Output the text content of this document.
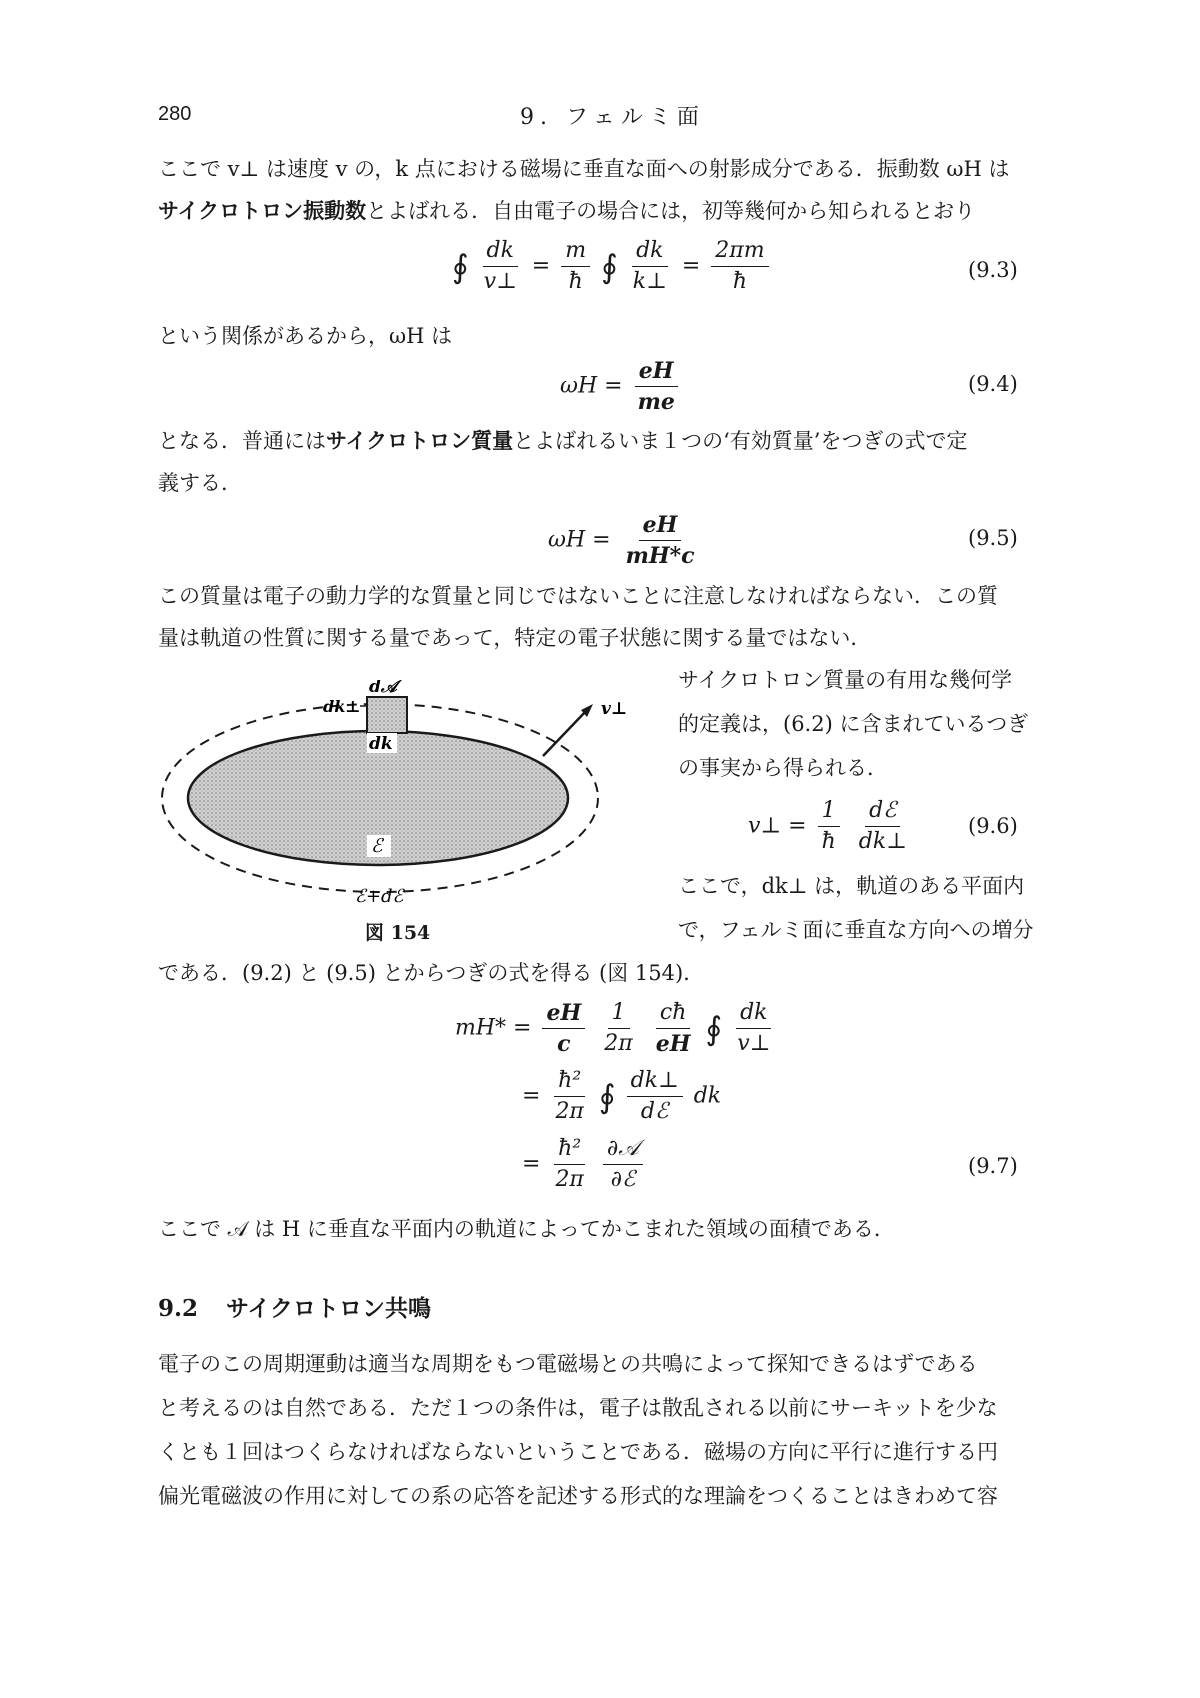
280	9. フェルミ面
ここで v⊥ は速度 v の，k 点における磁場に垂直な面への射影成分である．振動数 ωH は
サイクロトロン振動数とよばれる．自由電子の場合には，初等幾何から知られるとおり
∮ $\frac{dk}{v\perp} = \frac{m}{ħ}$ ∮ $\frac{dk}{k\perp} = \frac{2\pi m}{ħ}$	(9.3)
という関係があるから，ωH は
$\omega H = \frac{eH}{me}$	(9.4)
となる．普通にはサイクロトロン質量とよばれるいま１つの‘有効質量’をつぎの式で定
義する．
$\omega H = \frac{eH}{mH*c}$	(9.5)
この質量は電子の動力学的な質量と同じではないことに注意しなければならない．この質
量は軌道の性質に関する量であって，特定の電子状態に関する量ではない．
d𝒜
dk⊥
dk
v⊥
ℰ
ℰ+dℰ
図 154
サイクロトロン質量の有用な幾何学
的定義は，(6.2) に含まれているつぎ
の事実から得られる．
v⊥ = $\frac{1}{ħ}$
$\frac{\text{dℰ}}{dk\perp}$	(9.6)
ここで，dk⊥ は，軌道のある平面内
で，フェルミ面に垂直な方向への増分
である．(9.2) と (9.5) とからつぎの式を得る (図 154)．
$mH* = \frac{eH}{c}$
$\frac{1}{2\pi}$
$\frac{cħ}{eH}$ ∮ $\frac{dk}{v\perp}$
= $\frac{\text{ħ²}}{2\pi}$ ∮ $\frac{dk\perp}{\text{dℰ}}$ dk
= $\frac{\text{ħ²}}{2\pi}$
$\frac{\text{∂𝒜}}{\text{∂ℰ}}$	(9.7)
ここで 𝒜 は H に垂直な平面内の軌道によってかこまれた領域の面積である．
9.2 サイクロトロン共鳴
電子のこの周期運動は適当な周期をもつ電磁場との共鳴によって探知できるはずである
と考えるのは自然である．ただ１つの条件は，電子は散乱される以前にサーキットを少な
くとも１回はつくらなければならないということである．磁場の方向に平行に進行する円
偏光電磁波の作用に対しての系の応答を記述する形式的な理論をつくることはきわめて容
